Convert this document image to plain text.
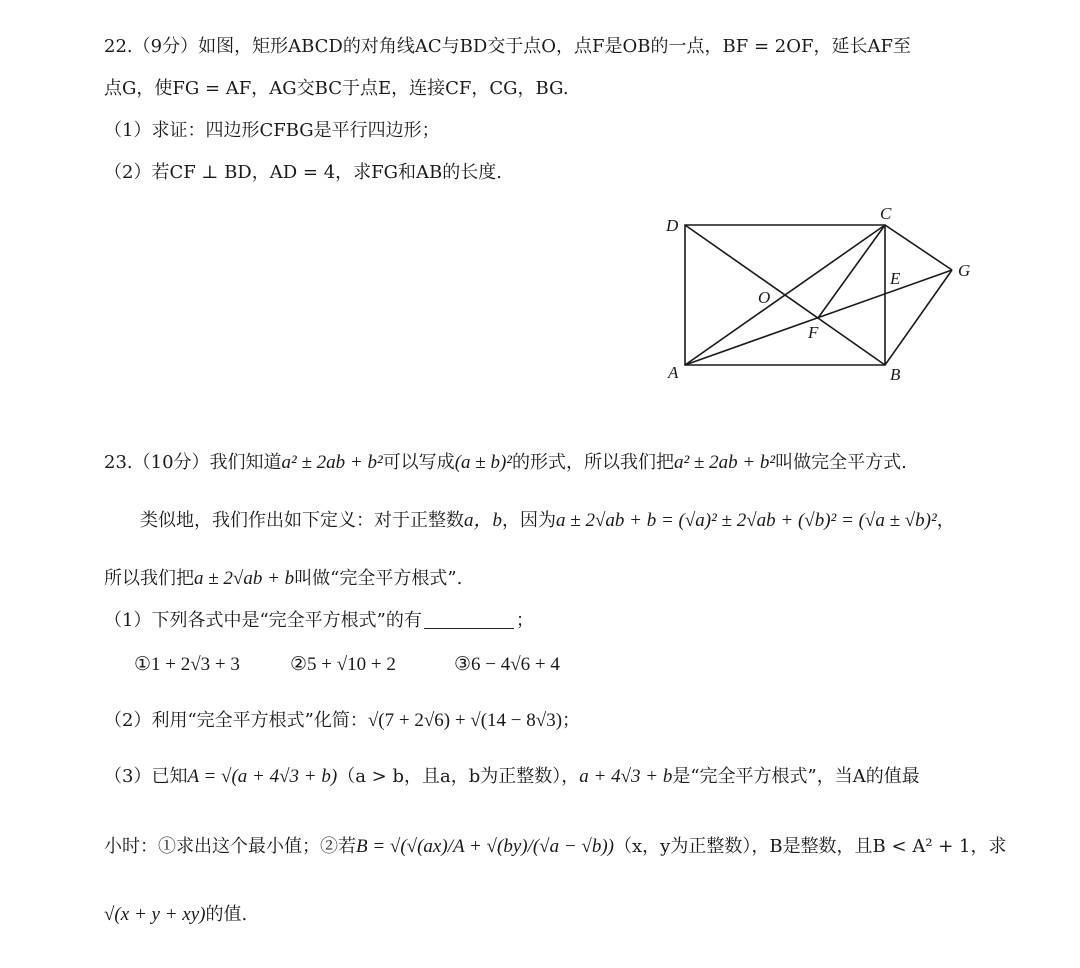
22.（9分）如图，矩形ABCD的对角线AC与BD交于点O，点F是OB的一点，BF = 2OF，延长AF至
点G，使FG = AF，AG交BC于点E，连接CF，CG，BG.
（1）求证：四边形CFBG是平行四边形；
（2）若CF ⊥ BD，AD = 4，求FG和AB的长度.
D
C
G
O
E
F
A	B
23.（10分）我们知道a² ± 2ab + b²可以写成(a ± b)²的形式，所以我们把a² ± 2ab + b²叫做完全平方式.
类似地，我们作出如下定义：对于正整数a，b，因为a ± 2√ab + b = (√a)² ± 2√ab + (√b)² = (√a ± √b)²，
所以我们把a ± 2√ab + b叫做“完全平方根式”.
（1）下列各式中是“完全平方根式”的有	；
①1 + 2√3 + 3	②5 + √10 + 2	③6 − 4√6 + 4
（2）利用“完全平方根式”化简：√(7 + 2√6) + √(14 − 8√3)；
（3）已知A = √(a + 4√3 + b)（a > b，且a，b为正整数），a + 4√3 + b是“完全平方根式”，当A的值最
小时：①求出这个最小值；②若B = √(√(ax)/A + √(by)/(√a − √b))（x，y为正整数），B是整数，且B < A² + 1，求
√(x + y + xy)的值.
